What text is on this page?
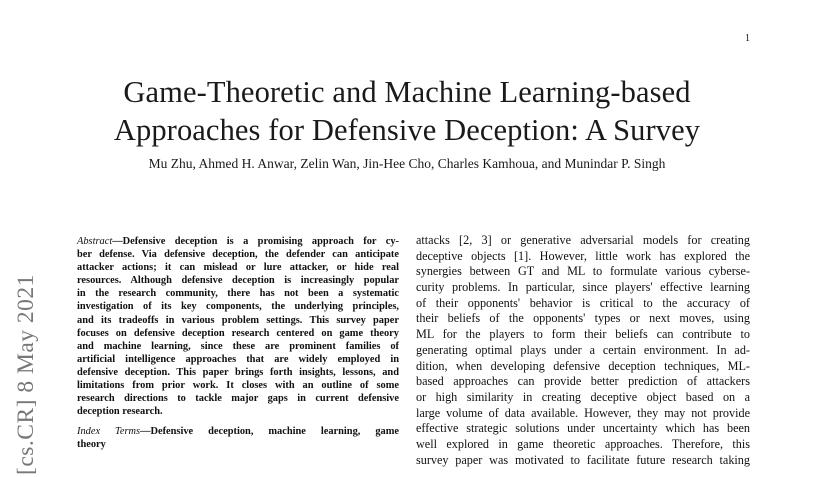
1
Game-Theoretic and Machine Learning-based
Approaches for Defensive Deception: A Survey
Mu Zhu, Ahmed H. Anwar, Zelin Wan, Jin-Hee Cho, Charles Kamhoua, and Munindar P. Singh
[cs.CR] 8 May 2021
Abstract—Defensive deception is a promising approach for cy-
ber defense. Via defensive deception, the defender can anticipate
attacker actions; it can mislead or lure attacker, or hide real
resources. Although defensive deception is increasingly popular
in the research community, there has not been a systematic
investigation of its key components, the underlying principles,
and its tradeoffs in various problem settings. This survey paper
focuses on defensive deception research centered on game theory
and machine learning, since these are prominent families of
artificial intelligence approaches that are widely employed in
defensive deception. This paper brings forth insights, lessons, and
limitations from prior work. It closes with an outline of some
research directions to tackle major gaps in current defensive
deception research.
Index Terms—Defensive deception, machine learning, game
theory
attacks [2, 3] or generative adversarial models for creating
deceptive objects [1]. However, little work has explored the
synergies between GT and ML to formulate various cyberse-
curity problems. In particular, since players' effective learning
of their opponents' behavior is critical to the accuracy of
their beliefs of the opponents' types or next moves, using
ML for the players to form their beliefs can contribute to
generating optimal plays under a certain environment. In ad-
dition, when developing defensive deception techniques, ML-
based approaches can provide better prediction of attackers
or high similarity in creating deceptive object based on a
large volume of data available. However, they may not provide
effective strategic solutions under uncertainty which has been
well explored in game theoretic approaches. Therefore, this
survey paper was motivated to facilitate future research taking
